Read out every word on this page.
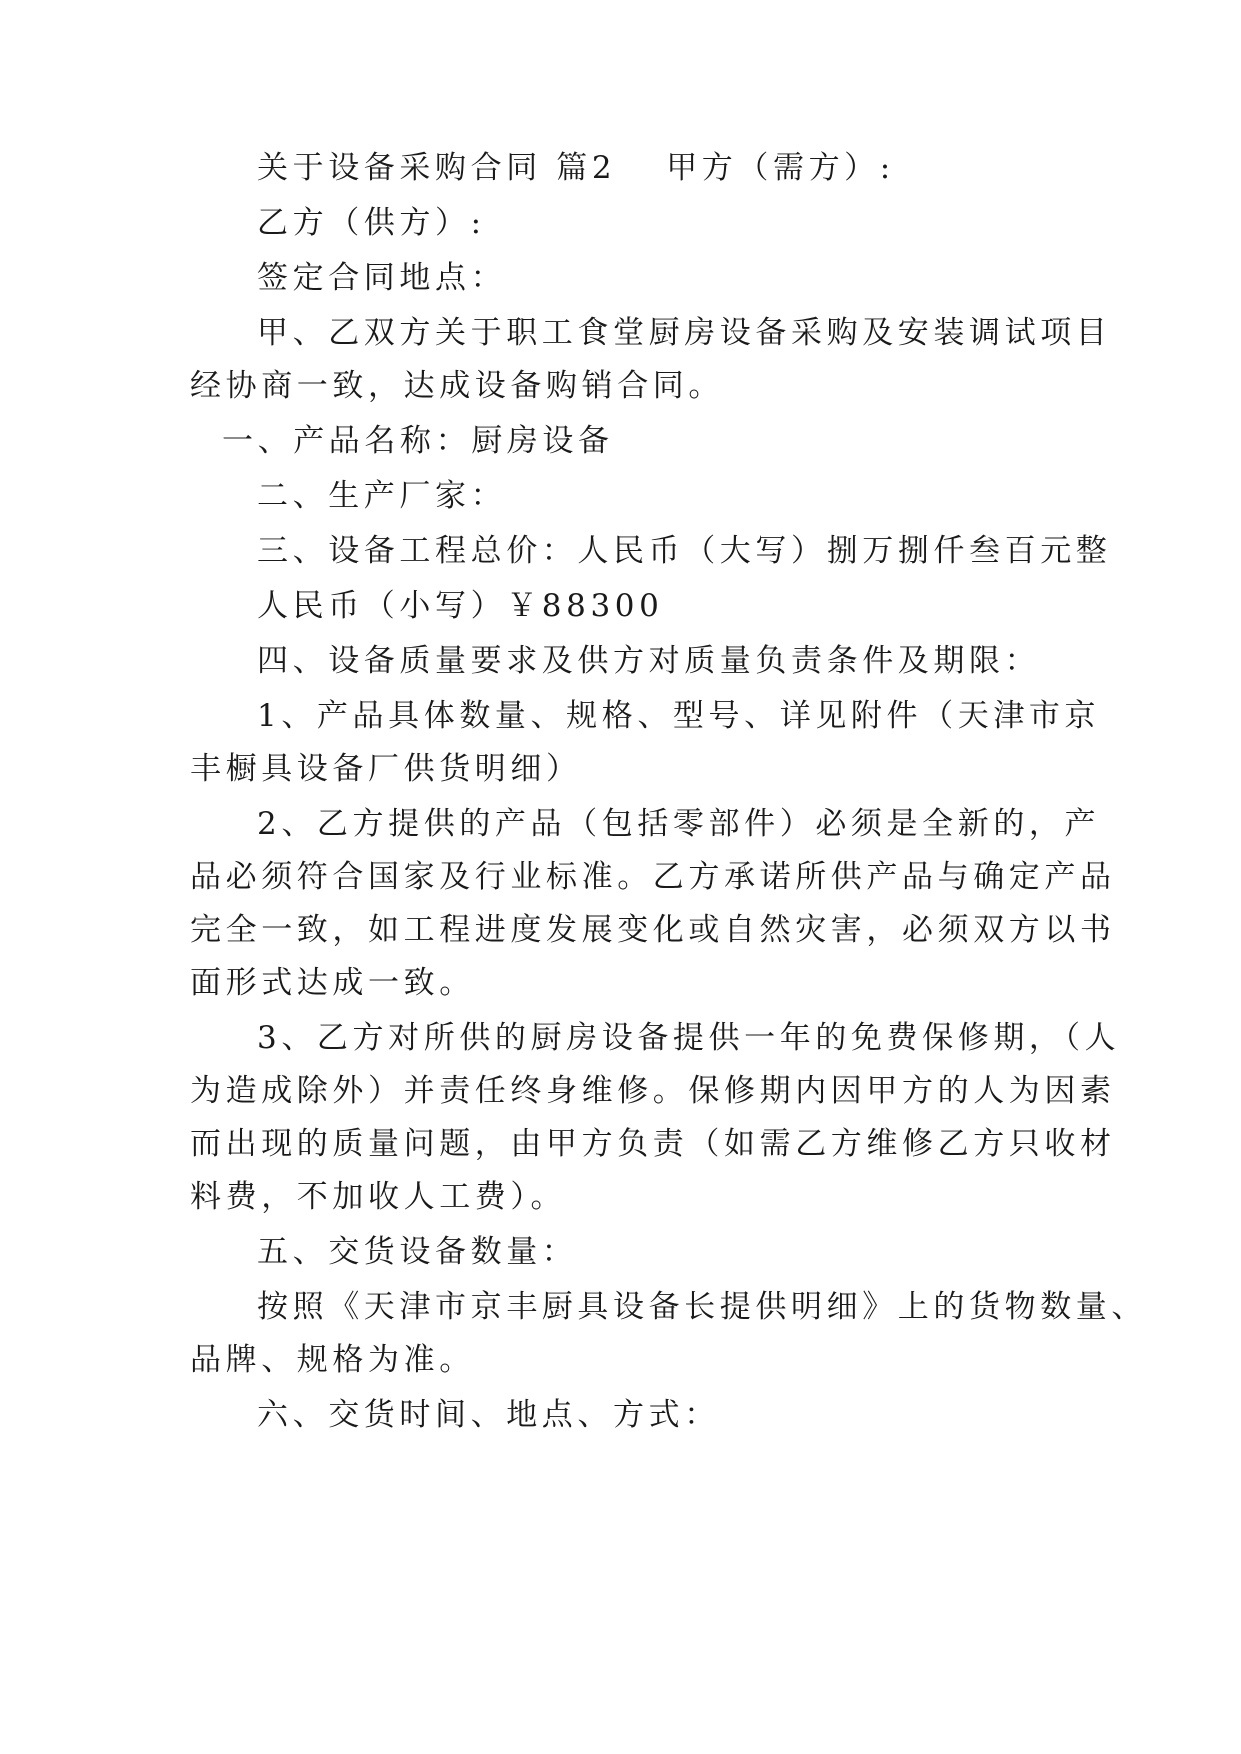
关于设备采购合同 篇2 甲方（需方）:

乙方（供方）:

签定合同地点：

甲、乙双方关于职工食堂厨房设备采购及安装调试项目

经协商一致，达成设备购销合同。

一、产品名称：厨房设备

二、生产厂家：

三、设备工程总价：人民币（大写）捌万捌仟叁百元整

人民币（小写）￥88300

四、设备质量要求及供方对质量负责条件及期限：

1、产品具体数量、规格、型号、详见附件（天津市京

丰橱具设备厂供货明细）

2、乙方提供的产品（包括零部件）必须是全新的，产

品必须符合国家及行业标准。乙方承诺所供产品与确定产品

完全一致，如工程进度发展变化或自然灾害，必须双方以书

面形式达成一致。

3、乙方对所供的厨房设备提供一年的免费保修期，（人

为造成除外）并责任终身维修。保修期内因甲方的人为因素

而出现的质量问题，由甲方负责（如需乙方维修乙方只收材

料费，不加收人工费）。

五、交货设备数量：

按照《天津市京丰厨具设备长提供明细》上的货物数量、

品牌、规格为准。

六、交货时间、地点、方式：
